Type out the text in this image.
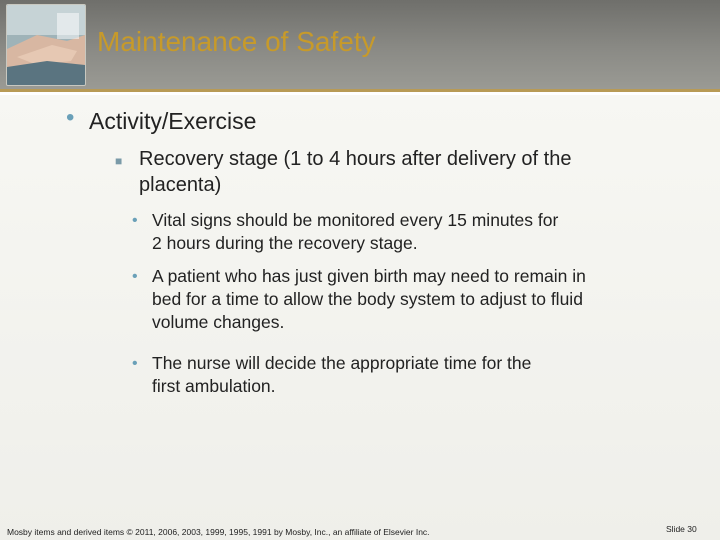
Maintenance of Safety
• Activity/Exercise
■ Recovery stage (1 to 4 hours after delivery of the
placenta)
• Vital signs should be monitored every 15 minutes for
2 hours during the recovery stage.
• A patient who has just given birth may need to remain in
bed for a time to allow the body system to adjust to fluid
volume changes.
• The nurse will decide the appropriate time for the
first ambulation.
Mosby items and derived items © 2011, 2006, 2003, 1999, 1995, 1991 by Mosby, Inc., an affiliate of Elsevier Inc.	Slide 30
